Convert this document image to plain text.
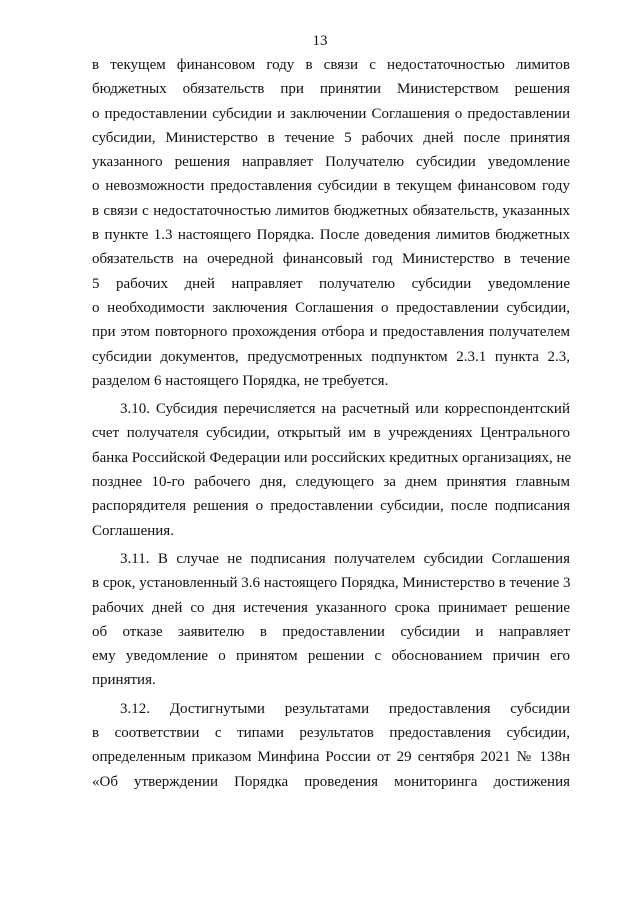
13
в текущем финансовом году в связи с недостаточностью лимитов
бюджетных обязательств при принятии Министерством решения
о предоставлении субсидии и заключении Соглашения о предоставлении
субсидии, Министерство в течение 5 рабочих дней после принятия
указанного решения направляет Получателю субсидии уведомление
о невозможности предоставления субсидии в текущем финансовом году
в связи с недостаточностью лимитов бюджетных обязательств, указанных
в пункте 1.3 настоящего Порядка. После доведения лимитов бюджетных
обязательств на очередной финансовый год Министерство в течение
5 рабочих дней направляет получателю субсидии уведомление
о необходимости заключения Соглашения о предоставлении субсидии,
при этом повторного прохождения отбора и предоставления получателем
субсидии документов, предусмотренных подпунктом 2.3.1 пункта 2.3,
разделом 6 настоящего Порядка, не требуется.
3.10. Субсидия перечисляется на расчетный или корреспондентский
счет получателя субсидии, открытый им в учреждениях Центрального
банка Российской Федерации или российских кредитных организациях, не
позднее 10-го рабочего дня, следующего за днем принятия главным
распорядителя решения о предоставлении субсидии, после подписания
Соглашения.
3.11. В случае не подписания получателем субсидии Соглашения
в срок, установленный 3.6 настоящего Порядка, Министерство в течение 3
рабочих дней со дня истечения указанного срока принимает решение
об отказе заявителю в предоставлении субсидии и направляет
ему уведомление о принятом решении с обоснованием причин его
принятия.
3.12. Достигнутыми результатами предоставления субсидии
в соответствии с типами результатов предоставления субсидии,
определенным приказом Минфина России от 29 сентября 2021 № 138н
«Об утверждении Порядка проведения мониторинга достижения
